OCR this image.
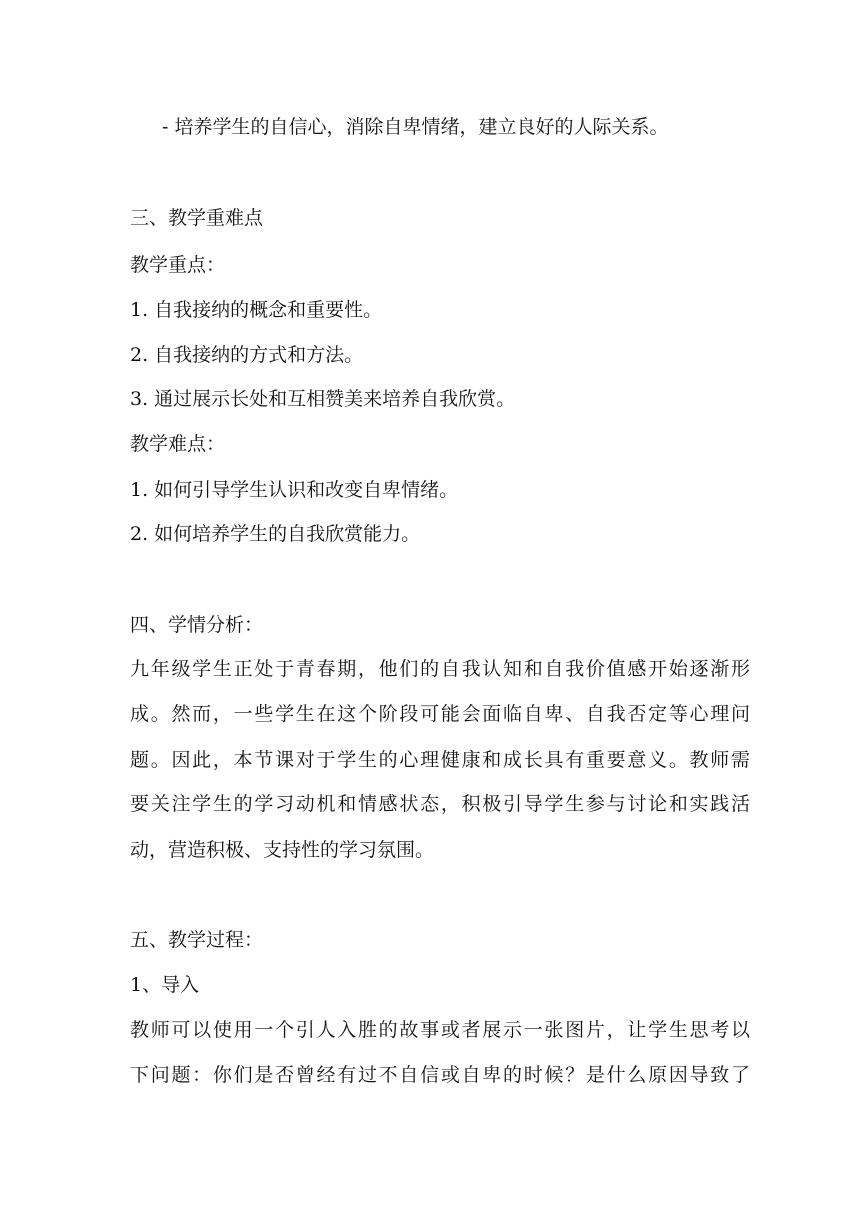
- 培养学生的自信心，消除自卑情绪，建立良好的人际关系。
三、教学重难点
教学重点：
1. 自我接纳的概念和重要性。
2. 自我接纳的方式和方法。
3. 通过展示长处和互相赞美来培养自我欣赏。
教学难点：
1. 如何引导学生认识和改变自卑情绪。
2. 如何培养学生的自我欣赏能力。
四、学情分析：
九年级学生正处于青春期，他们的自我认知和自我价值感开始逐渐形
成。然而，一些学生在这个阶段可能会面临自卑、自我否定等心理问
题。因此，本节课对于学生的心理健康和成长具有重要意义。教师需
要关注学生的学习动机和情感状态，积极引导学生参与讨论和实践活
动，营造积极、支持性的学习氛围。
五、教学过程：
1、导入
教师可以使用一个引人入胜的故事或者展示一张图片，让学生思考以
下问题：你们是否曾经有过不自信或自卑的时候？是什么原因导致了
